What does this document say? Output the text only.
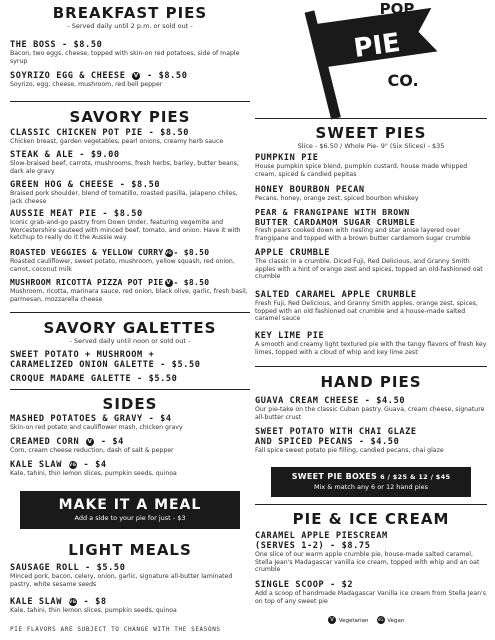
BREAKFAST PIES
- Served daily until 2 p.m. or sold out -
THE BOSS - $8.50
Bacon, two eggs, cheese, topped with skin-on red potatoes, side of maple syrup
SOYRIZO EGG & CHEESE V - $8.50
Soyrizo, egg, cheese, mushroom, red bell pepper
SAVORY PIES
CLASSIC CHICKEN POT PIE - $8.50
Chicken breast, garden vegetables, pearl onions, creamy herb sauce
STEAK & ALE - $9.00
Slow-braised beef, carrots, mushrooms, fresh herbs, barley, butter beans, dark ale gravy
GREEN HOG & CHEESE - $8.50
Braised pork shoulder, blend of tomatillo, roasted pasilla, jalapeno chiles, jack cheese
AUSSIE MEAT PIE - $8.50
Iconic grab-and-go pastry from Down Under, featuring vegemite and Worcestershire sauteed with minced beef, tomato, and onion. Have it with ketchup to really do it the Aussie way
ROASTED VEGGIES & YELLOW CURRY VG - $8.50
Roasted cauliflower, sweet potato, mushroom, yellow squash, red onion, carrot, coconut milk
MUSHROOM RICOTTA PIZZA POT PIE V - $8.50
Mushroom, ricotta, marinara sauce, red onion, black olive, garlic, fresh basil, parmesan, mozzarella cheese
SAVORY GALETTES
- Served daily until noon or sold out -
SWEET POTATO + MUSHROOM +
CARAMELIZED ONION GALETTE - $5.50
CROQUE MADAME GALETTE - $5.50
SIDES
MASHED POTATOES & GRAVY - $4
Skin-on red potato and cauliflower mash, chicken gravy
CREAMED CORN V - $4
Corn, cream cheese reduction, dash of salt & pepper
KALE SLAW VG - $4
Kale, tahini, thin lemon slices, pumpkin seeds, quinoa
MAKE IT A MEAL
Add a side to your pie for just - $3
LIGHT MEALS
SAUSAGE ROLL - $5.50
Minced pork, bacon, celery, onion, garlic, signature all-butter laminated pastry, white sesame seeds
KALE SLAW VG - $8
Kale, tahini, thin lemon slices, pumpkin seeds, quinoa
PIE FLAVORS ARE SUBJECT TO CHANGE WITH THE SEASONS
POP
PIE
CO.
SWEET PIES
Slice - $6.50 / Whole Pie- 9" (Six Slices) - $35
PUMPKIN PIE
House pumpkin spice blend, pumpkin custard, house made whipped cream, spiced & candied pepitas
HONEY BOURBON PECAN
Pecans, honey, orange zest, spiced bourbon whiskey
PEAR & FRANGIPANE WITH BROWN
BUTTER CARDAMOM SUGAR CRUMBLE
Fresh pears cooked down with riesling and star anise layered over frangipane and topped with a brown butter cardamom sugar crumble
APPLE CRUMBLE
The classic in a crumble. Diced Fuji, Red Delicious, and Granny Smith apples with a hint of orange zest and spices, topped an old-fashioned oat crumble
SALTED CARAMEL APPLE CRUMBLE
Fresh Fuji, Red Delicious, and Granny Smith apples, orange zest, spices, topped with an old fashioned oat crumble and a house-made salted caramel sauce
KEY LIME PIE
A smooth and creamy light textured pie with the tangy flavors of fresh key limes, topped with a cloud of whip and key lime zest
HAND PIES
GUAVA CREAM CHEESE - $4.50
Our pie-take on the classic Cuban pastry. Guava, cream cheese, signature all-butter crust
SWEET POTATO WITH CHAI GLAZE
AND SPICED PECANS - $4.50
Fall spice sweet potato pie filling, candied pecans, chai glaze
SWEET PIE BOXES 6 / $25 & 12 / $45
Mix & match any 6 or 12 hand pies
PIE & ICE CREAM
CARAMEL APPLE PIESCREAM
(SERVES 1-2) - $8.75
One slice of our warm apple crumble pie, house-made salted caramel, Stella Jean's Madagascar vanilla ice cream, topped with whip and an oat crumble
SINGLE SCOOP - $2
Add a scoop of handmade Madagascar Vanilla ice cream from Stella Jean's on top of any sweet pie
V Vegetarian VG Vegan
